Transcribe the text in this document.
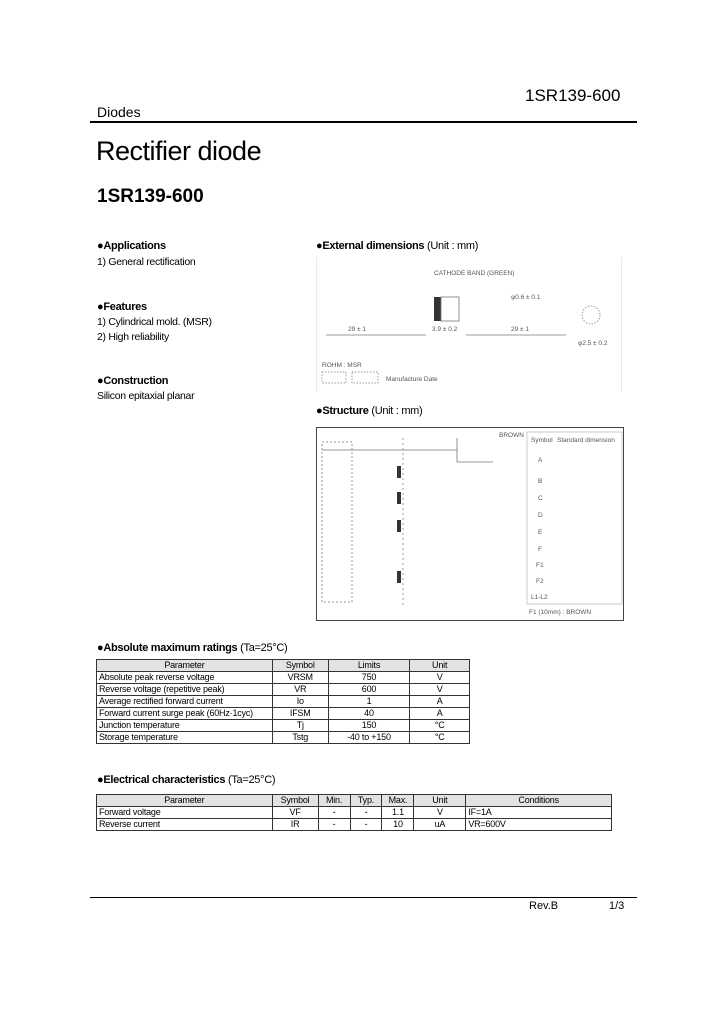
Diodes
1SR139-600
Rectifier diode
1SR139-600
●Applications
1) General rectification
●Features
1) Cylindrical mold. (MSR)
2) High reliability
●Construction
Silicon epitaxial planar
●External dimensions (Unit : mm)
CATHODE BAND (GREEN)
29 ± 1	29 ± 1
3.9 ± 0.2
φ0.6 ± 0.1
φ2.5 ± 0.2
ROHM : MSR
Manufacture Date
●Structure (Unit : mm)
BROWN
Symbol Standard dimension
A
B
C
D
E
F
F1
F2
L1-L2
F1 (10mm) : BROWN
●Absolute maximum ratings (Ta=25°C)
Parameter	Symbol	Limits	Unit
Absolute peak reverse voltage	VRSM	750	V
Reverse voltage (repetitive peak)	VR	600	V
Average rectified forward current	Io	1	A
Forward current surge peak (60Hz·1cyc)	IFSM	40	A
Junction temperature	Tj	150	°C
Storage temperature	Tstg	-40 to +150	°C
●Electrical characteristics (Ta=25°C)
Parameter	Symbol	Min.	Typ.	Max.	Unit	Conditions
Forward voltage	VF	-	-	1.1	V	IF=1A
Reverse current	IR	-	-	10	uA	VR=600V
Rev.B	1/3
